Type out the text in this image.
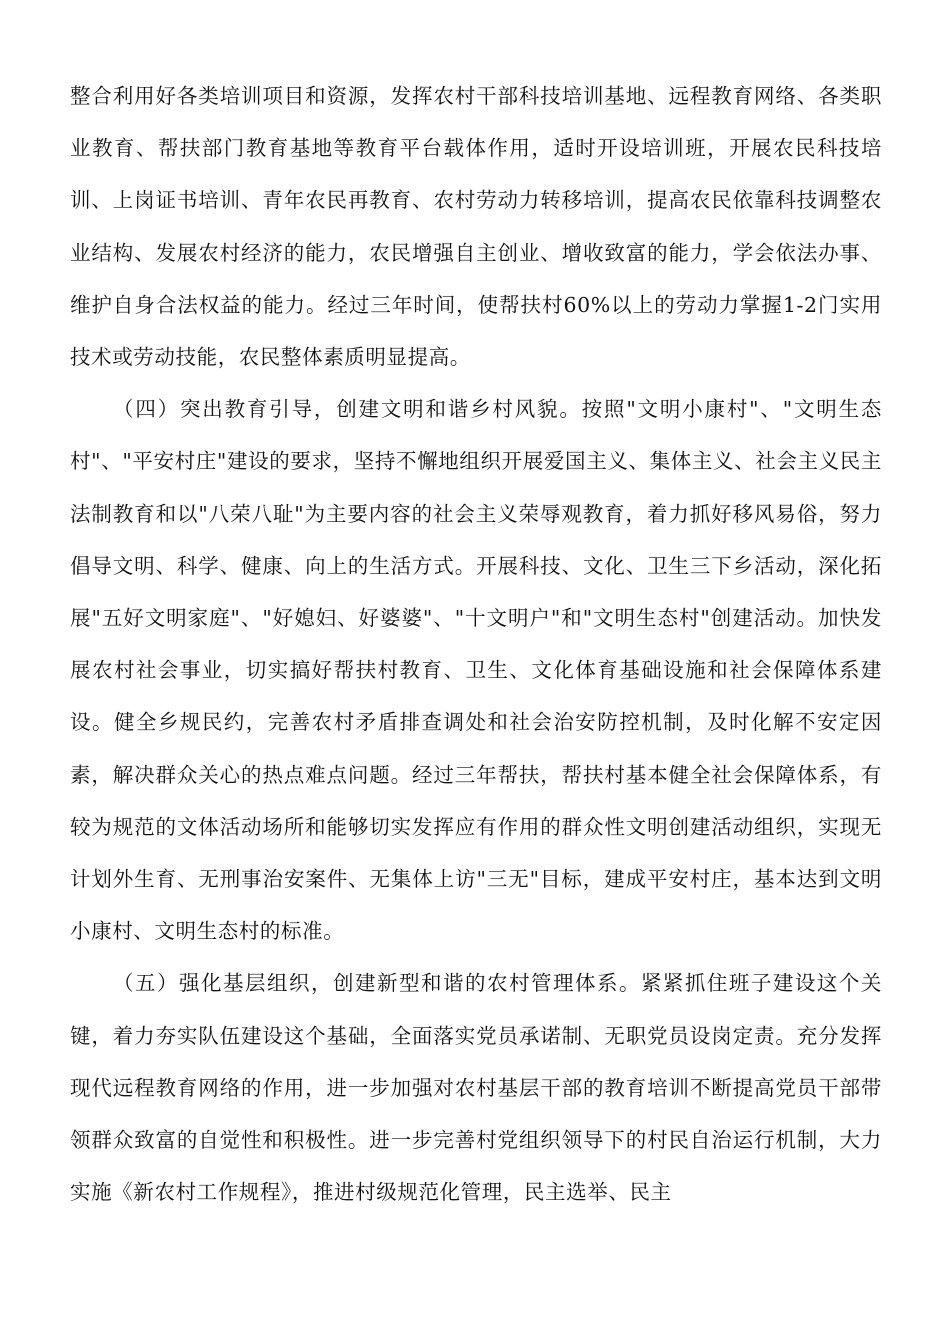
整合利用好各类培训项目和资源，发挥农村干部科技培训基地、远程教育网络、各类职业教育、帮扶部门教育基地等教育平台载体作用，适时开设培训班，开展农民科技培训、上岗证书培训、青年农民再教育、农村劳动力转移培训，提高农民依靠科技调整农业结构、发展农村经济的能力，农民增强自主创业、增收致富的能力，学会依法办事、维护自身合法权益的能力。经过三年时间，使帮扶村60%以上的劳动力掌握1-2门实用技术或劳动技能，农民整体素质明显提高。

（四）突出教育引导，创建文明和谐乡村风貌。按照"文明小康村"、"文明生态村"、"平安村庄"建设的要求，坚持不懈地组织开展爱国主义、集体主义、社会主义民主法制教育和以"八荣八耻"为主要内容的社会主义荣辱观教育，着力抓好移风易俗，努力倡导文明、科学、健康、向上的生活方式。开展科技、文化、卫生三下乡活动，深化拓展"五好文明家庭"、"好媳妇、好婆婆"、"十文明户"和"文明生态村"创建活动。加快发展农村社会事业，切实搞好帮扶村教育、卫生、文化体育基础设施和社会保障体系建设。健全乡规民约，完善农村矛盾排查调处和社会治安防控机制，及时化解不安定因素，解决群众关心的热点难点问题。经过三年帮扶，帮扶村基本健全社会保障体系，有较为规范的文体活动场所和能够切实发挥应有作用的群众性文明创建活动组织，实现无计划外生育、无刑事治安案件、无集体上访"三无"目标，建成平安村庄，基本达到文明小康村、文明生态村的标准。

（五）强化基层组织，创建新型和谐的农村管理体系。紧紧抓住班子建设这个关键，着力夯实队伍建设这个基础，全面落实党员承诺制、无职党员设岗定责。充分发挥现代远程教育网络的作用，进一步加强对农村基层干部的教育培训不断提高党员干部带领群众致富的自觉性和积极性。进一步完善村党组织领导下的村民自治运行机制，大力实施《新农村工作规程》，推进村级规范化管理，民主选举、民主
